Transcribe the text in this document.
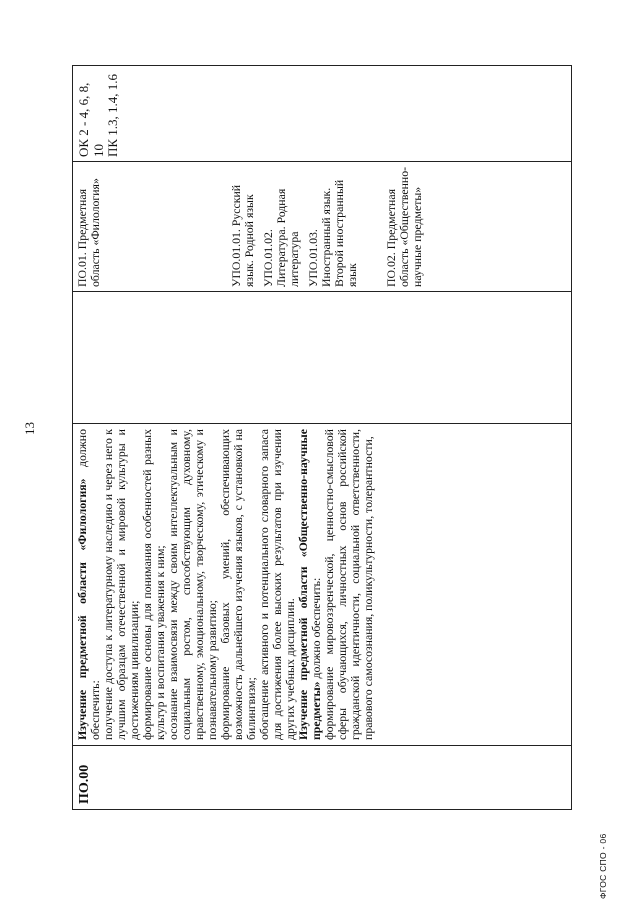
13
ПО.00

Изучение предметной области «Филология» должно обеспечить: получение доступа к литературному наследию и через него к лучшим образцам отечественной и мировой культуры и достижениям цивилизации; формирование основы для понимания особенностей разных культур и воспитания уважения к ним; осознание взаимосвязи между своим интеллектуальным и социальным ростом, способствующим духовному, нравственному, эмоциональному, творческому, этическому и познавательному развитию; формирование базовых умений, обеспечивающих возможность дальнейшего изучения языков, с установкой на билингвизм; обогащение активного и потенциального словарного запаса для достижения более высоких результатов при изучении других учебных дисциплин. Изучение предметной области «Общественно-научные предметы» должно обеспечить: формирование мировоззренческой, ценностно-смысловой сферы обучающихся, личностных основ российской гражданской идентичности, социальной ответственности, правового самосознания, поликультурности, толерантности,

ПО.01. Предметная область «Филология»	УПО.01.01. Русский язык. Родной язык УПО.01.02. Литература. Родная литература УПО.01.03. Иностранный язык. Второй иностранный язык ПО.02. Предметная область «Общественно-научные предметы»

ОК 2 - 4, 6, 8, 10 ПК 1.3, 1.4, 1.6
ФГОС СПО - 06
